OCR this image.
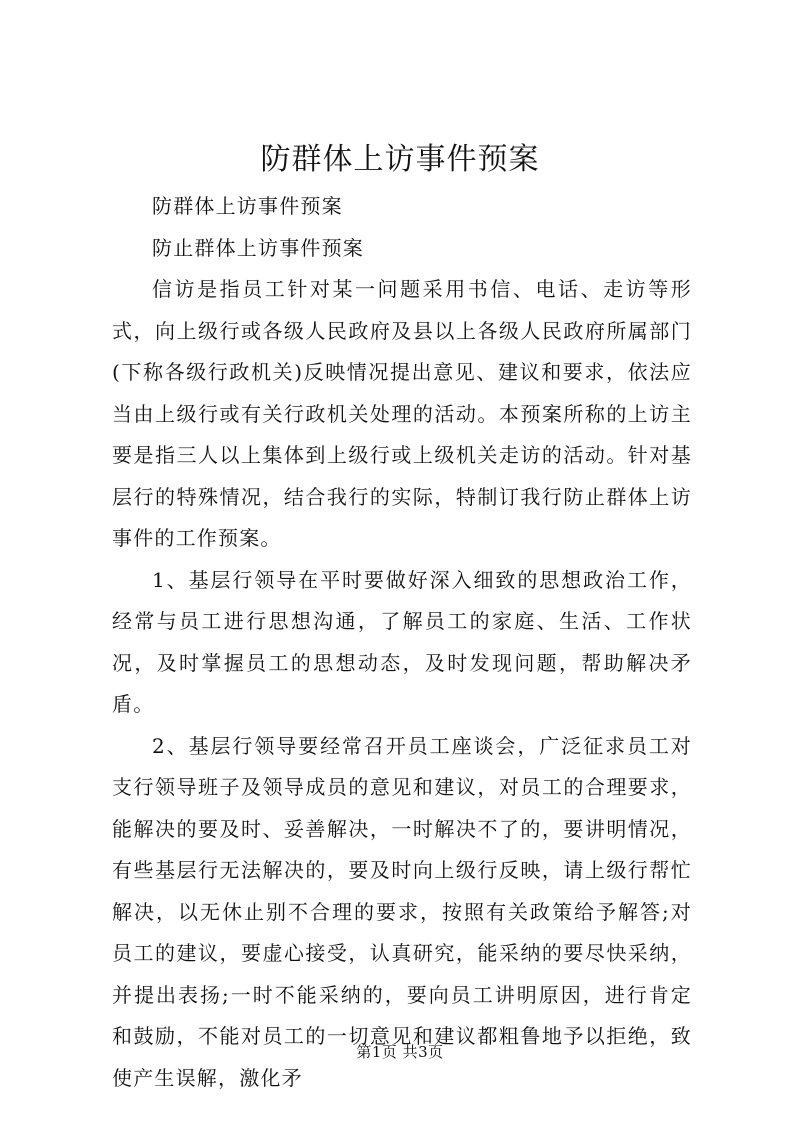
防群体上访事件预案

防群体上访事件预案

防止群体上访事件预案

信访是指员工针对某一问题采用书信、电话、走访等形式，向上级行或各级人民政府及县以上各级人民政府所属部门(下称各级行政机关)反映情况提出意见、建议和要求，依法应当由上级行或有关行政机关处理的活动。本预案所称的上访主要是指三人以上集体到上级行或上级机关走访的活动。针对基层行的特殊情况，结合我行的实际，特制订我行防止群体上访事件的工作预案。

1、基层行领导在平时要做好深入细致的思想政治工作，经常与员工进行思想沟通，了解员工的家庭、生活、工作状况，及时掌握员工的思想动态，及时发现问题，帮助解决矛盾。

2、基层行领导要经常召开员工座谈会，广泛征求员工对支行领导班子及领导成员的意见和建议，对员工的合理要求，能解决的要及时、妥善解决，一时解决不了的，要讲明情况，有些基层行无法解决的，要及时向上级行反映，请上级行帮忙解决，以无休止别不合理的要求，按照有关政策给予解答;对员工的建议，要虚心接受，认真研究，能采纳的要尽快采纳，并提出表扬;一时不能采纳的，要向员工讲明原因，进行肯定和鼓励，不能对员工的一切意见和建议都粗鲁地予以拒绝，致使产生误解，激化矛

第1页 共3页
